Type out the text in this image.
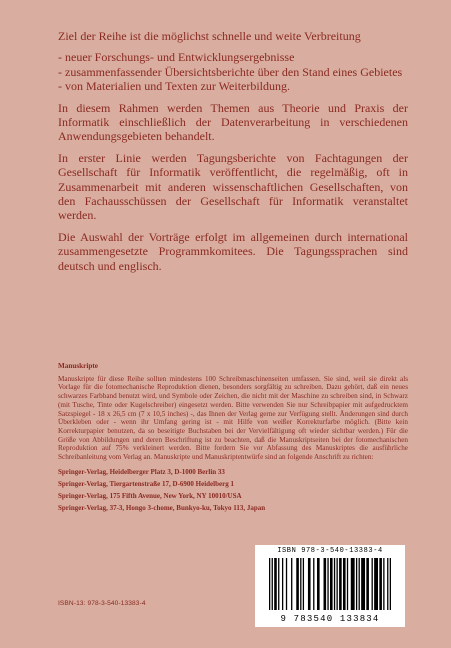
Ziel der Reihe ist die möglichst schnelle und weite Verbreitung

- neuer Forschungs- und Entwicklungsergebnisse
- zusammenfassender Übersichtsberichte über den Stand eines Gebietes
- von Materialien und Texten zur Weiterbildung.

In diesem Rahmen werden Themen aus Theorie und Praxis der Informatik einschließlich der Datenverarbeitung in verschiedenen Anwendungsgebieten behandelt.

In erster Linie werden Tagungsberichte von Fachtagungen der Gesellschaft für Informatik veröffentlicht, die regelmäßig, oft in Zusammenarbeit mit anderen wissenschaftlichen Gesellschaften, von den Fachausschüssen der Gesellschaft für Informatik veranstaltet werden.

Die Auswahl der Vorträge erfolgt im allgemeinen durch international zusammengesetzte Programmkomitees. Die Tagungssprachen sind deutsch und englisch.

Manuskripte

Manuskripte für diese Reihe sollten mindestens 100 Schreibmaschinenseiten umfassen. Sie sind, weil sie direkt als Vorlage für die fotomechanische Reproduktion dienen, besonders sorgfältig zu schreiben. Dazu gehört, daß ein neues schwarzes Farbband benutzt wird, und Symbole oder Zeichen, die nicht mit der Maschine zu schreiben sind, in Schwarz (mit Tusche, Tinte oder Kugelschreiber) eingesetzt werden. Bitte verwenden Sie nur Schreibpapier mit aufgedrucktem Satzspiegel - 18 x 26,5 cm (7 x 10,5 inches) -, das Ihnen der Verlag gerne zur Verfügung stellt. Änderungen sind durch Überkleben oder - wenn ihr Umfang gering ist - mit Hilfe von weißer Korrekturfarbe möglich. (Bitte kein Korrekturpapier benutzen, da so beseitigte Buchstaben bei der Vervielfältigung oft wieder sichtbar werden.) Für die Größe von Abbildungen und deren Beschriftung ist zu beachten, daß die Manuskriptseiten bei der fotomechanischen Reproduktion auf 75% verkleinert werden. Bitte fordern Sie vor Abfassung des Manuskriptes die ausführliche Schreibanleitung vom Verlag an. Manuskripte und Manuskriptentwürfe sind an folgende Anschrift zu richten:

Springer-Verlag, Heidelberger Platz 3, D-1000 Berlin 33
Springer-Verlag, Tiergartenstraße 17, D-6900 Heidelberg 1
Springer-Verlag, 175 Fifth Avenue, New York, NY 10010/USA
Springer-Verlag, 37-3, Hongo 3-chome, Bunkyo-ku, Tokyo 113, Japan
ISBN-13: 978-3-540-13383-4
ISBN 978-3-540-13383-4
9 783540 133834
